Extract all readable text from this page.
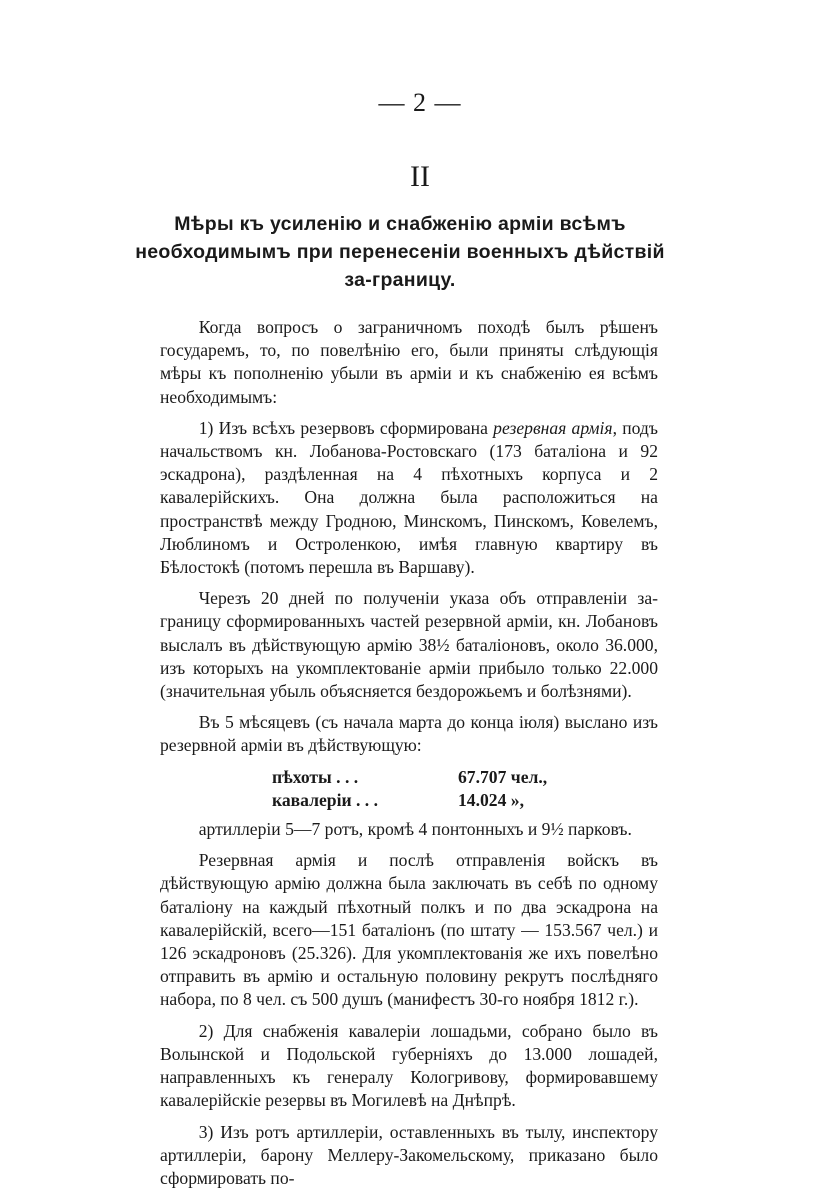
— 2 —
II
Мѣры къ усиленію и снабженію арміи всѣмъ необходимымъ при перенесеніи военныхъ дѣйствій за-границу.

Когда вопросъ о заграничномъ походѣ былъ рѣшенъ государемъ, то, по повелѣнію его, были приняты слѣдующія мѣры къ пополненію убыли въ арміи и къ снабженію ея всѣмъ необходимымъ:

1) Изъ всѣхъ резервовъ сформирована резервная армія, подъ начальствомъ кн. Лобанова-Ростовскаго (173 баталіона и 92 эскадрона), раздѣленная на 4 пѣхотныхъ корпуса и 2 кавалерійскихъ. Она должна была расположиться на пространствѣ между Гродною, Минскомъ, Пинскомъ, Ковелемъ, Люблиномъ и Остроленкою, имѣя главную квартиру въ Бѣлостокѣ (потомъ перешла въ Варшаву).

Черезъ 20 дней по полученіи указа объ отправленіи за-границу сформированныхъ частей резервной арміи, кн. Лобановъ выслалъ въ дѣйствующую армію 38½ баталіоновъ, около 36.000, изъ которыхъ на укомплектованіе арміи прибыло только 22.000 (значительная убыль объясняется бездорожьемъ и болѣзнями).

Въ 5 мѣсяцевъ (съ начала марта до конца іюля) выслано изъ резервной арміи въ дѣйствующую:

пѣхоты . . .	67.707 чел.,
кавалеріи . . .	14.024 »,

артиллеріи 5—7 ротъ, кромѣ 4 понтонныхъ и 9½ парковъ.

Резервная армія и послѣ отправленія войскъ въ дѣйствующую армію должна была заключать въ себѣ по одному баталіону на каждый пѣхотный полкъ и по два эскадрона на кавалерійскій, всего—151 баталіонъ (по штату — 153.567 чел.) и 126 эскадроновъ (25.326). Для укомплектованія же ихъ повелѣно отправить въ армію и остальную половину рекрутъ послѣдняго набора, по 8 чел. съ 500 душъ (манифестъ 30-го ноября 1812 г.).

2) Для снабженія кавалеріи лошадьми, собрано было въ Волынской и Подольской губерніяхъ до 13.000 лошадей, направленныхъ къ генералу Кологривову, формировавшему кавалерійскіе резервы въ Могилевѣ на Днѣпрѣ.

3) Изъ ротъ артиллеріи, оставленныхъ въ тылу, инспектору артиллеріи, барону Меллеру-Закомельскому, приказано было сформировать по-
